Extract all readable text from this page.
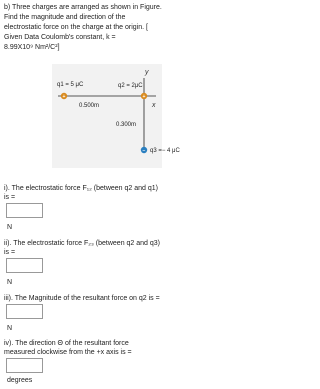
b) Three charges are arranged as shown in Figure.
Find the magnitude and direction of the
electrostatic force on the charge at the origin. [
Given Data Coulomb's constant, k =
8.99X10⁹ Nm²/C²]
y
x
q1 = 5 μC	q2 = 2μC
+	+
0.500m
0.300m
− q3 =− 4 μC
i). The electrostatic force F₁₂ (between q2 and q1)
is =
N
ii). The electrostatic force F₂₃ (between q2 and q3)
is =
N
iii). The Magnitude of the resultant force on q2 is =
N
iv). The direction Θ of the resultant force
measured clockwise from the +x axis is =
degrees
